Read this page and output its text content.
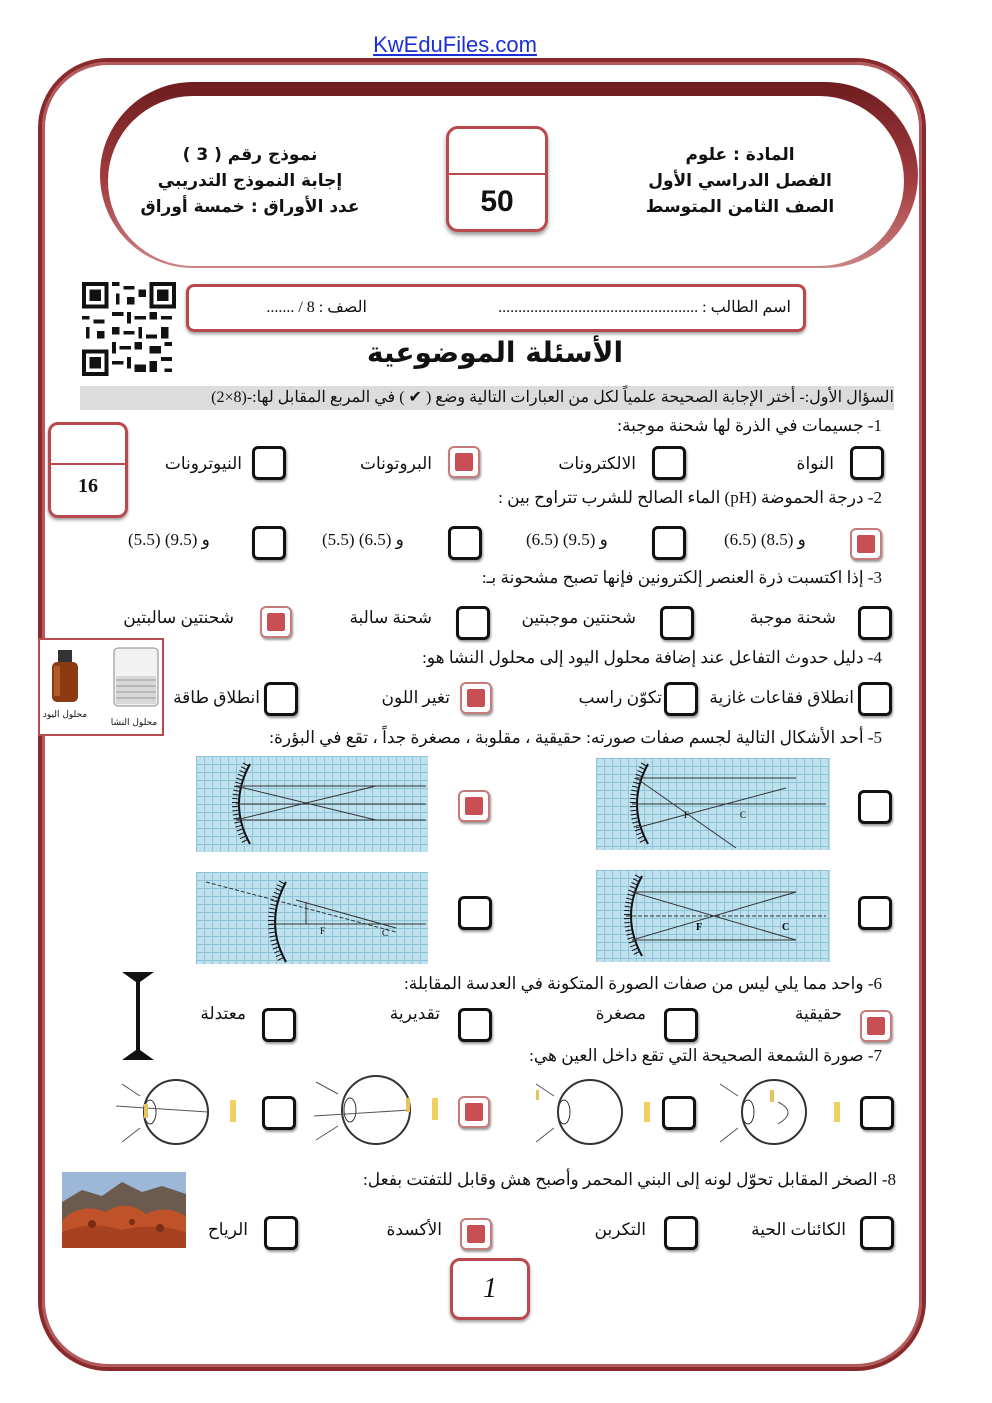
KwEduFiles.com
المادة : علوم
الفصل الدراسي الأول
الصف الثامن المتوسط
نموذج رقم ( 3 )
إجابة النموذج التدريبي
عدد الأوراق : خمسة أوراق	50
اسم الطالب : ..................................................
الصف : 8 / .......
الأسئلة الموضوعية
السؤال الأول:- أختر الإجابة الصحيحة علمياً لكل من العبارات التالية وضع ( ✔ ) في المربع المقابل لها:-(8×2)
16
1- جسيمات في الذرة لها شحنة موجبة:
النواة
الالكترونات
البروتونات
النيوترونات
2- درجة الحموضة (pH) الماء الصالح للشرب تتراوح بين :
(6.5) و (8.5)
(6.5) و (9.5)
(5.5) و (6.5)
(5.5) و (9.5)
3- إذا اكتسبت ذرة العنصر إلكترونين فإنها تصبح مشحونة بـ:
شحنة موجبة
شحنتين موجبتين
شحنة سالبة
شحنتين سالبتين
4- دليل حدوث التفاعل عند إضافة محلول اليود إلى محلول النشا هو:
انطلاق فقاعات غازية
تكوّن راسب
تغير اللون
انطلاق طاقة
محلول اليود
محلول النشا
5- أحد الأشكال التالية لجسم صفات صورته: حقيقية ، مقلوبة ، مصغرة جداً ، تقع في البؤرة:
F	C
F	C
F	C
6- واحد مما يلي ليس من صفات الصورة المتكونة في العدسة المقابلة:
حقيقية
مصغرة
تقديرية
معتدلة
7- صورة الشمعة الصحيحة التي تقع داخل العين هي:
8- الصخر المقابل تحوّل لونه إلى البني المحمر وأصبح هش وقابل للتفتت بفعل:
الكائنات الحية
التكربن
الأكسدة
الرياح
1
